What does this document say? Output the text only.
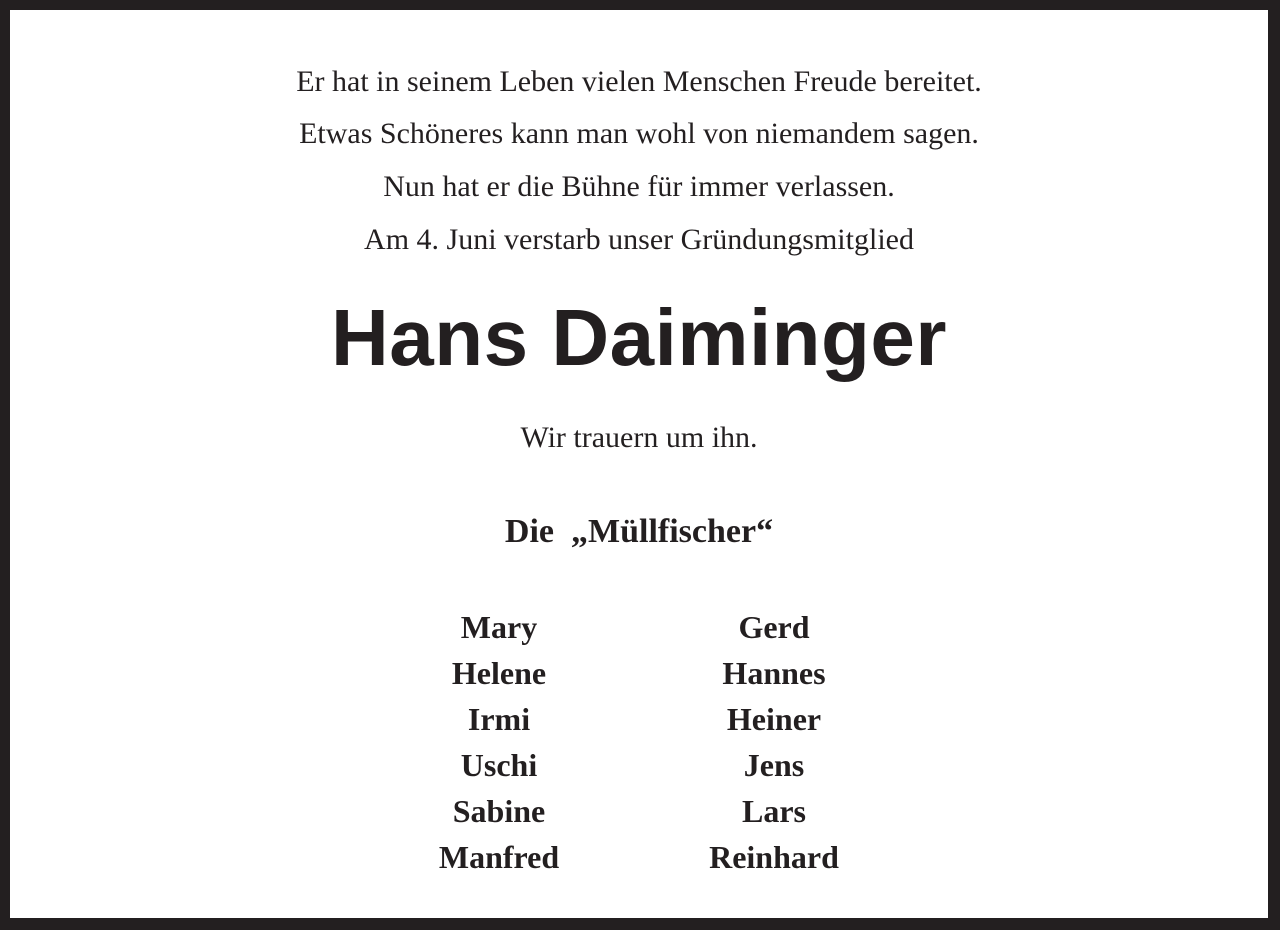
Er hat in seinem Leben vielen Menschen Freude bereitet.
Etwas Schöneres kann man wohl von niemandem sagen.
Nun hat er die Bühne für immer verlassen.
Am 4. Juni verstarb unser Gründungsmitglied
Hans Daiminger
Wir trauern um ihn.
Die  „Müllfischer“
Mary
Helene
Irmi
Uschi
Sabine
Manfred
Gerd
Hannes
Heiner
Jens
Lars
Reinhard
